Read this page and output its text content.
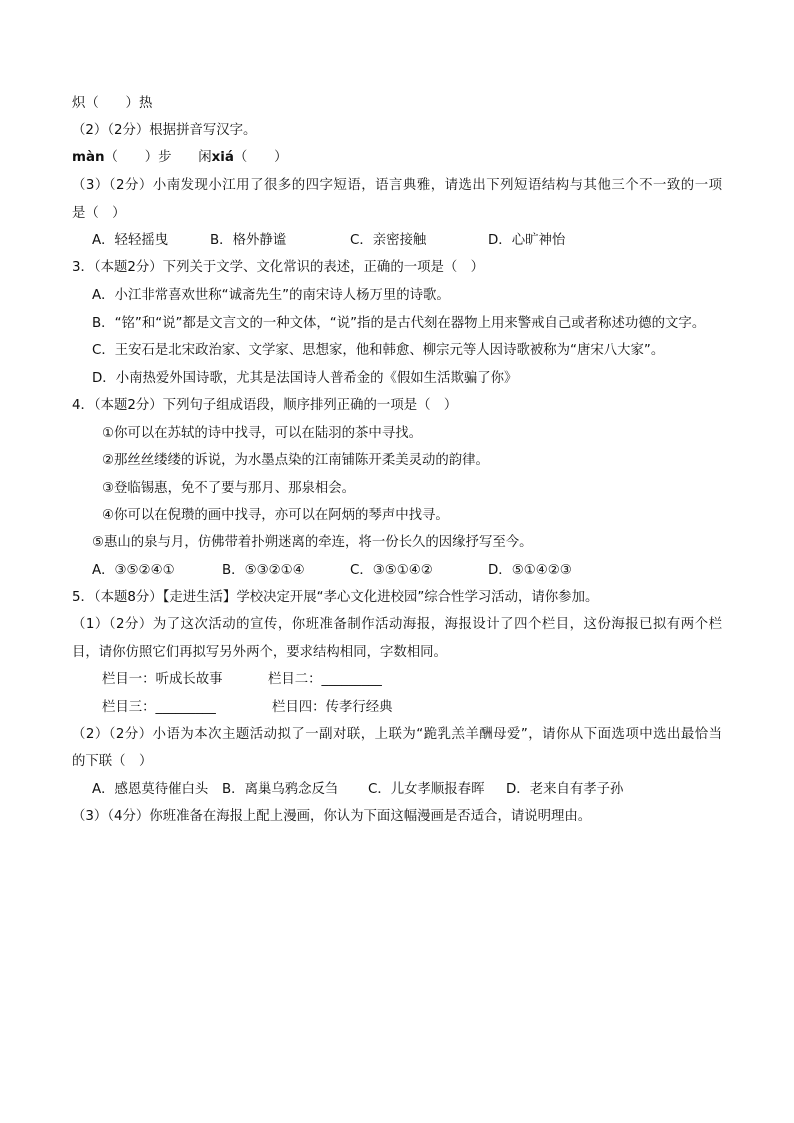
炽（　　）热
（2）（2分）根据拼音写汉字。
màn（　　）步　　闲xiá（　　）
（3）（2分）小南发现小江用了很多的四字短语，语言典雅，请选出下列短语结构与其他三个不一致的一项
是（　）
A．轻轻摇曳	B．格外静谧	C．亲密接触	D．心旷神怡
3．（本题2分）下列关于文学、文化常识的表述，正确的一项是（　）
A．小江非常喜欢世称“诚斋先生”的南宋诗人杨万里的诗歌。
B．“铭”和“说”都是文言文的一种文体，“说”指的是古代刻在器物上用来警戒自己或者称述功德的文字。
C．王安石是北宋政治家、文学家、思想家，他和韩愈、柳宗元等人因诗歌被称为“唐宋八大家”。
D．小南热爱外国诗歌，尤其是法国诗人普希金的《假如生活欺骗了你》
4．（本题2分）下列句子组成语段，顺序排列正确的一项是（　）
①你可以在苏轼的诗中找寻，可以在陆羽的茶中寻找。
②那丝丝缕缕的诉说，为水墨点染的江南铺陈开柔美灵动的韵律。
③登临锡惠，免不了要与那月、那泉相会。
④你可以在倪瓒的画中找寻，亦可以在阿炳的琴声中找寻。
⑤惠山的泉与月，仿佛带着扑朔迷离的牵连，将一份长久的因缘抒写至今。
A．③⑤②④①	B．⑤③②①④	C．③⑤①④②	D．⑤①④②③
5．（本题8分）【走进生活】学校决定开展“孝心文化进校园”综合性学习活动，请你参加。
（1）（2分）为了这次活动的宣传，你班准备制作活动海报，海报设计了四个栏目，这份海报已拟有两个栏
目，请你仿照它们再拟写另外两个，要求结构相同，字数相同。
栏目一：听成长故事	栏目二：_________
栏目三：_________	栏目四：传孝行经典
（2）（2分）小语为本次主题活动拟了一副对联，上联为“跪乳羔羊酬母爱”，请你从下面选项中选出最恰当
的下联（　）
A．感恩莫待催白头 B．离巢乌鸦念反刍 C．儿女孝顺报春晖 D．老来自有孝子孙
（3）（4分）你班准备在海报上配上漫画，你认为下面这幅漫画是否适合，请说明理由。
